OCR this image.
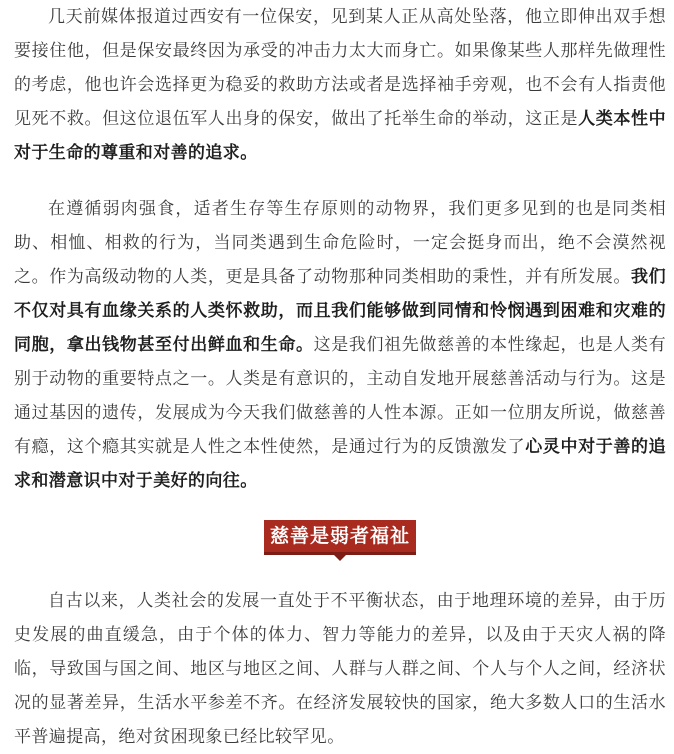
几天前媒体报道过西安有一位保安，见到某人正从高处坠落，他立即伸出双手想要接住他，但是保安最终因为承受的冲击力太大而身亡。如果像某些人那样先做理性的考虑，他也许会选择更为稳妥的救助方法或者是选择袖手旁观，也不会有人指责他见死不救。但这位退伍军人出身的保安，做出了托举生命的举动，这正是人类本性中对于生命的尊重和对善的追求。

在遵循弱肉强食，适者生存等生存原则的动物界，我们更多见到的也是同类相助、相恤、相救的行为，当同类遇到生命危险时，一定会挺身而出，绝不会漠然视之。作为高级动物的人类，更是具备了动物那种同类相助的秉性，并有所发展。我们不仅对具有血缘关系的人类怀救助，而且我们能够做到同情和怜悯遇到困难和灾难的同胞，拿出钱物甚至付出鲜血和生命。这是我们祖先做慈善的本性缘起，也是人类有别于动物的重要特点之一。人类是有意识的，主动自发地开展慈善活动与行为。这是通过基因的遗传，发展成为今天我们做慈善的人性本源。正如一位朋友所说，做慈善有瘾，这个瘾其实就是人性之本性使然，是通过行为的反馈激发了心灵中对于善的追求和潜意识中对于美好的向往。

慈善是弱者福祉

自古以来，人类社会的发展一直处于不平衡状态，由于地理环境的差异，由于历史发展的曲直缓急，由于个体的体力、智力等能力的差异，以及由于天灾人祸的降临，导致国与国之间、地区与地区之间、人群与人群之间、个人与个人之间，经济状况的显著差异，生活水平参差不齐。在经济发展较快的国家，绝大多数人口的生活水平普遍提高，绝对贫困现象已经比较罕见。
